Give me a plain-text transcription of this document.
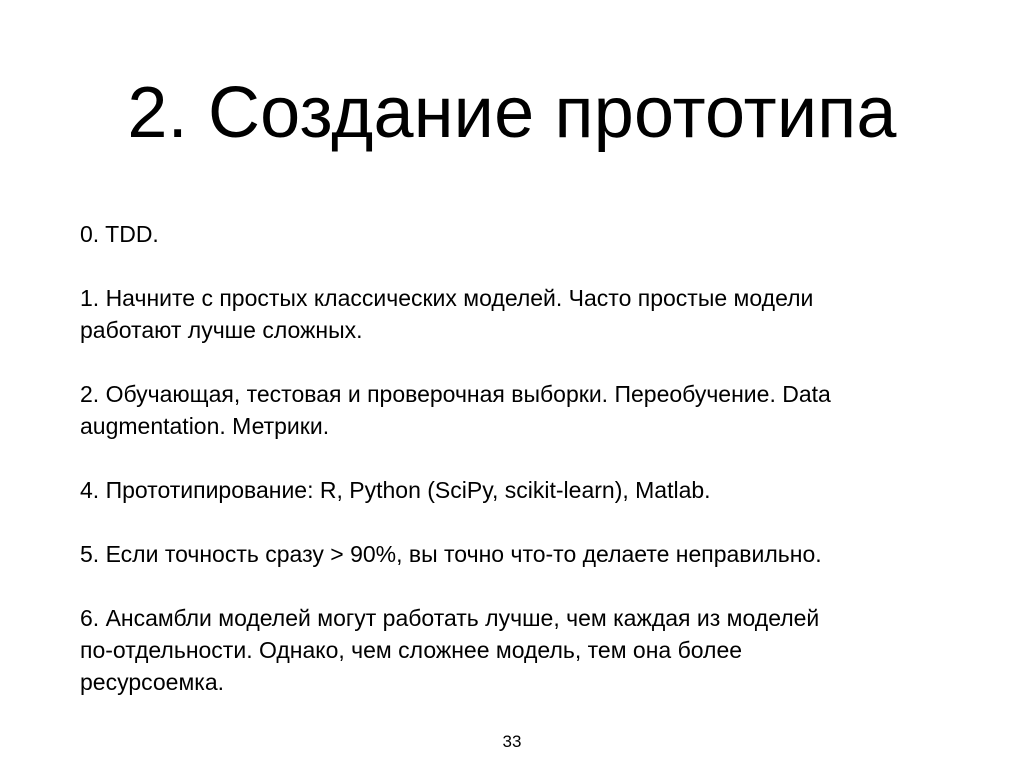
2. Создание прототипа
0. TDD.
1. Начните с простых классических моделей. Часто простые модели
работают лучше сложных.
2. Обучающая, тестовая и проверочная выборки. Переобучение. Data
augmentation. Метрики.
4. Прототипирование: R, Python (SciPy, scikit-learn), Matlab.
5. Если точность сразу > 90%, вы точно что-то делаете неправильно.
6. Ансамбли моделей могут работать лучше, чем каждая из моделей
по-отдельности. Однако, чем сложнее модель, тем она более
ресурсоемка.
33
